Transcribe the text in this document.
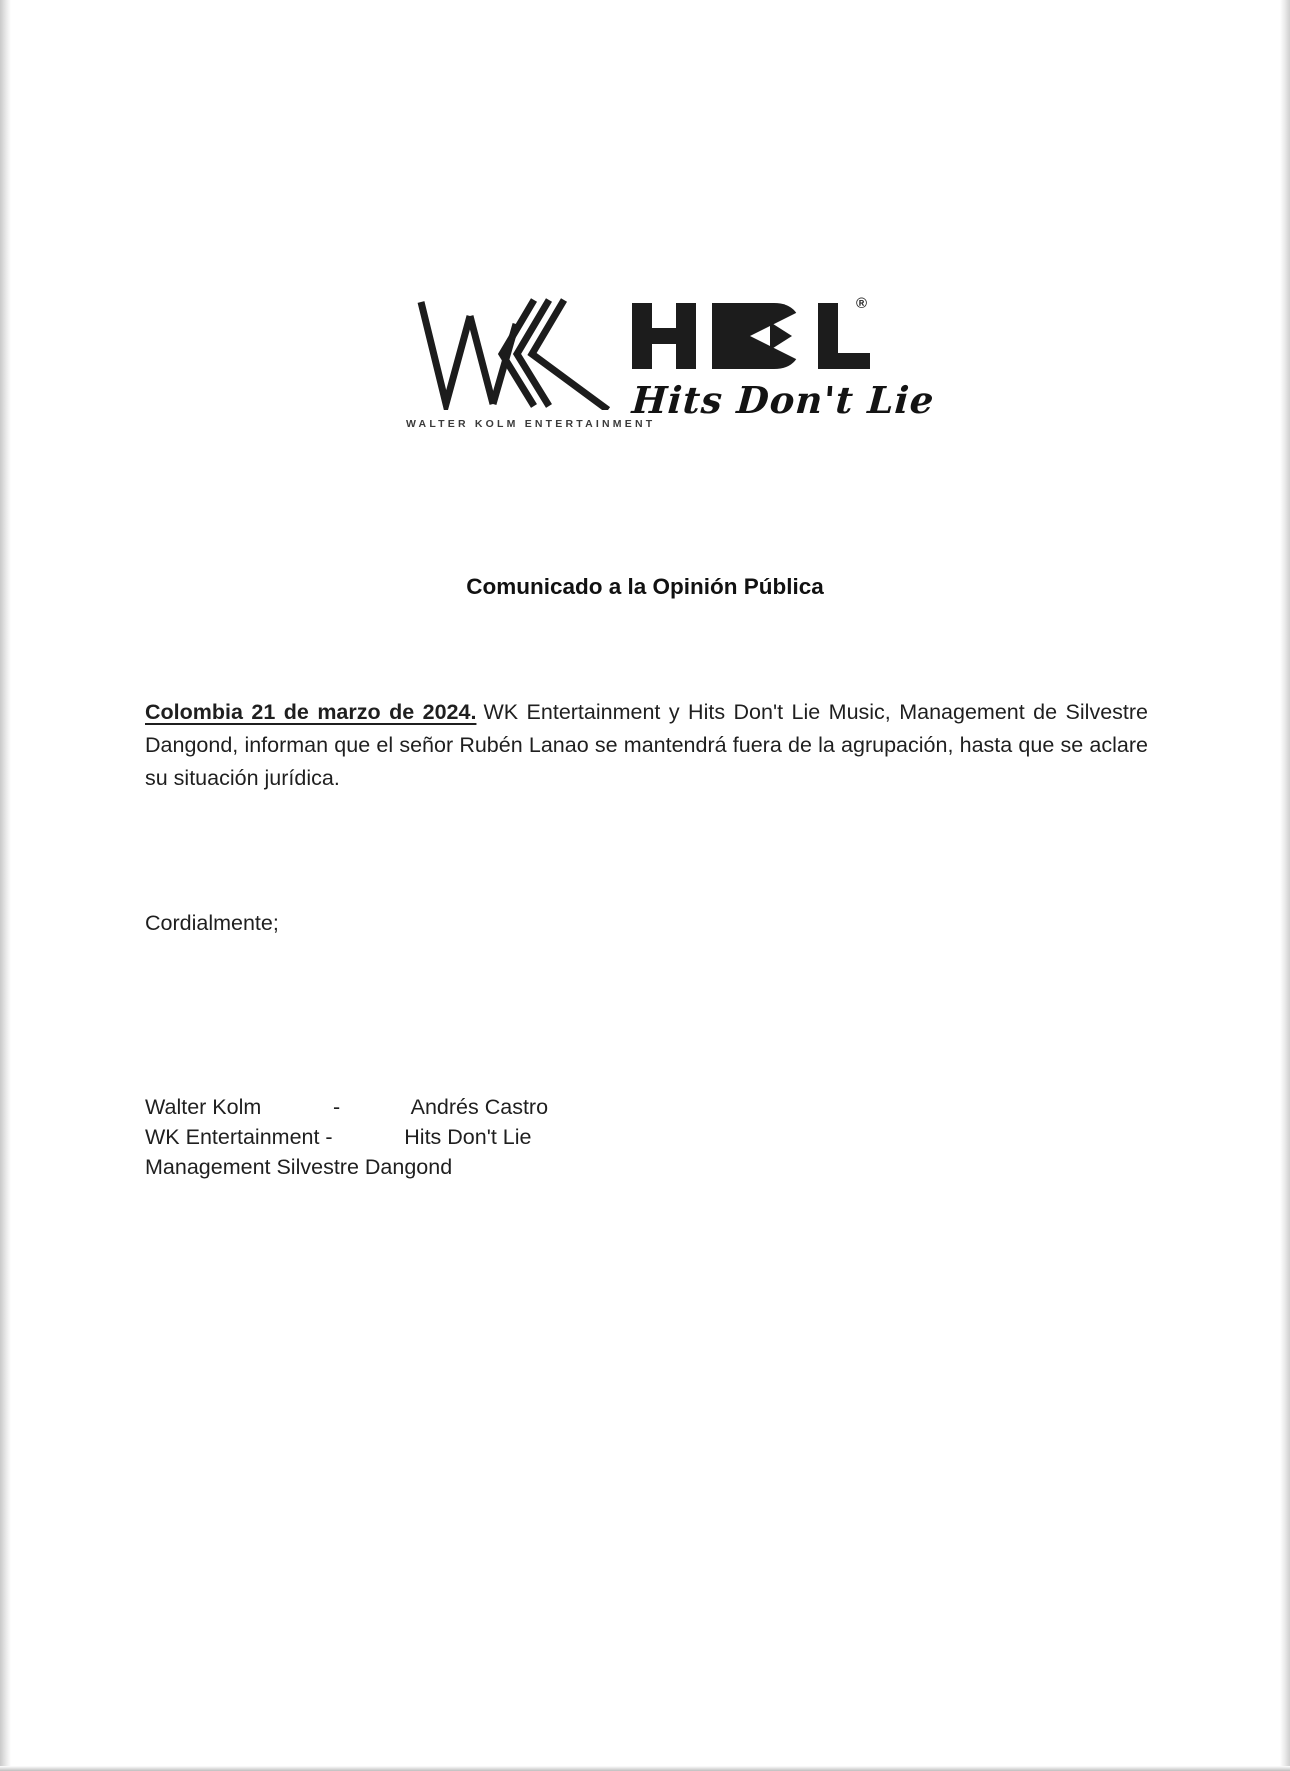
WALTER KOLM ENTERTAINMENT
®
Hits Don't Lie
Comunicado a la Opinión Pública

Colombia 21 de marzo de 2024. WK Entertainment y Hits Don't Lie Music, Management de Silvestre Dangond, informan que el señor Rubén Lanao se mantendrá fuera de la agrupación, hasta que se aclare su situación jurídica.

Cordialmente;
Walter Kolm            -            Andrés Castro
WK Entertainment -            Hits Don't Lie
Management Silvestre Dangond
